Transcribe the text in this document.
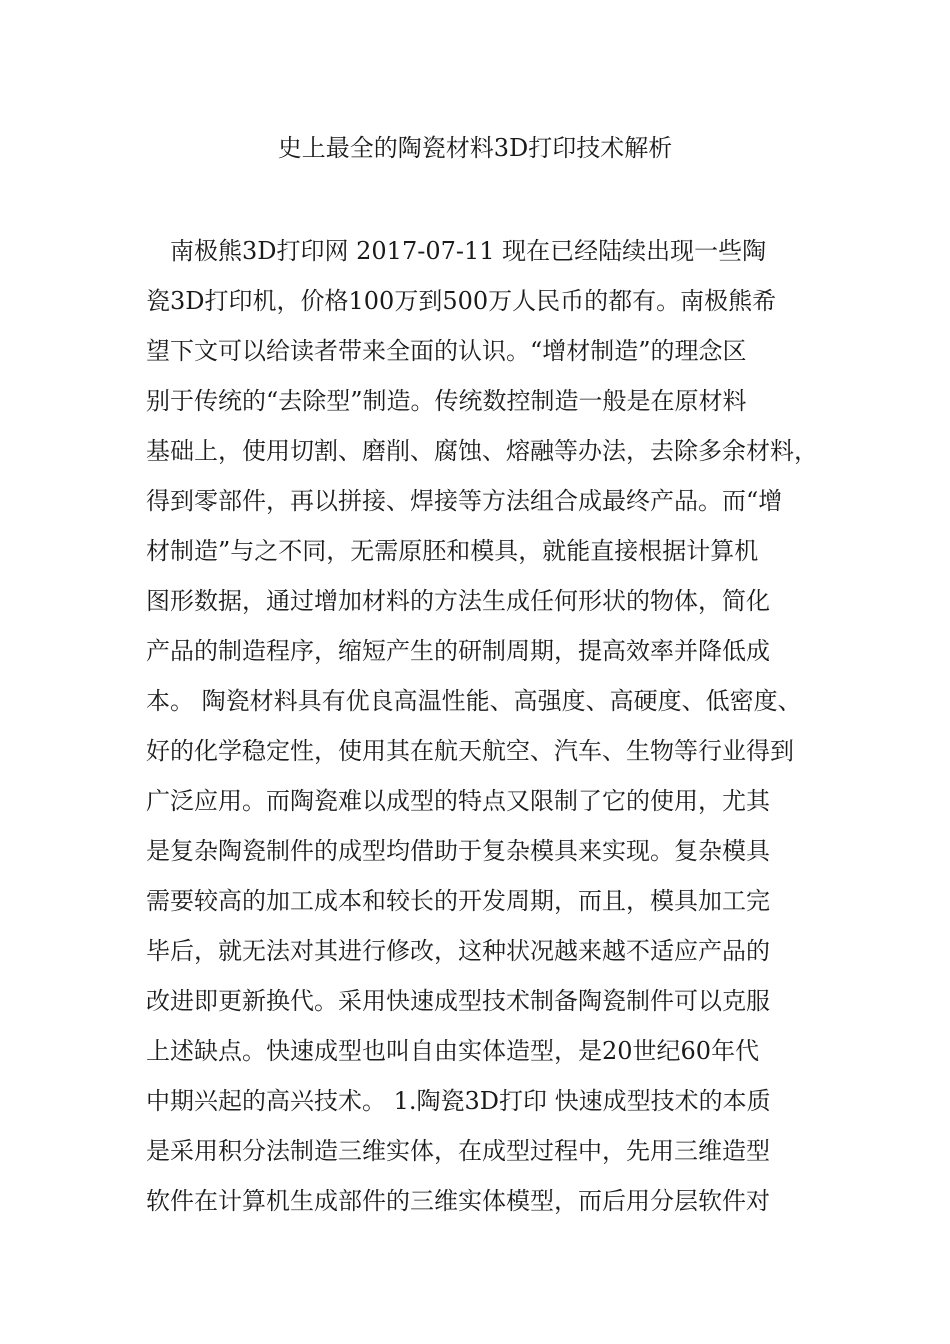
史上最全的陶瓷材料3D打印技术解析
南极熊3D打印网 2017-07-11 现在已经陆续出现一些陶
瓷3D打印机，价格100万到500万人民币的都有。南极熊希
望下文可以给读者带来全面的认识。“增材制造”的理念区
别于传统的“去除型”制造。传统数控制造一般是在原材料
基础上，使用切割、磨削、腐蚀、熔融等办法，去除多余材料，
得到零部件，再以拼接、焊接等方法组合成最终产品。而“增
材制造”与之不同，无需原胚和模具，就能直接根据计算机
图形数据，通过增加材料的方法生成任何形状的物体，简化
产品的制造程序，缩短产生的研制周期，提高效率并降低成
本。 陶瓷材料具有优良高温性能、高强度、高硬度、低密度、
好的化学稳定性，使用其在航天航空、汽车、生物等行业得到
广泛应用。而陶瓷难以成型的特点又限制了它的使用，尤其
是复杂陶瓷制件的成型均借助于复杂模具来实现。复杂模具
需要较高的加工成本和较长的开发周期，而且，模具加工完
毕后，就无法对其进行修改，这种状况越来越不适应产品的
改进即更新换代。采用快速成型技术制备陶瓷制件可以克服
上述缺点。快速成型也叫自由实体造型，是20世纪60年代
中期兴起的高兴技术。 1.陶瓷3D打印 快速成型技术的本质
是采用积分法制造三维实体，在成型过程中，先用三维造型
软件在计算机生成部件的三维实体模型，而后用分层软件对
